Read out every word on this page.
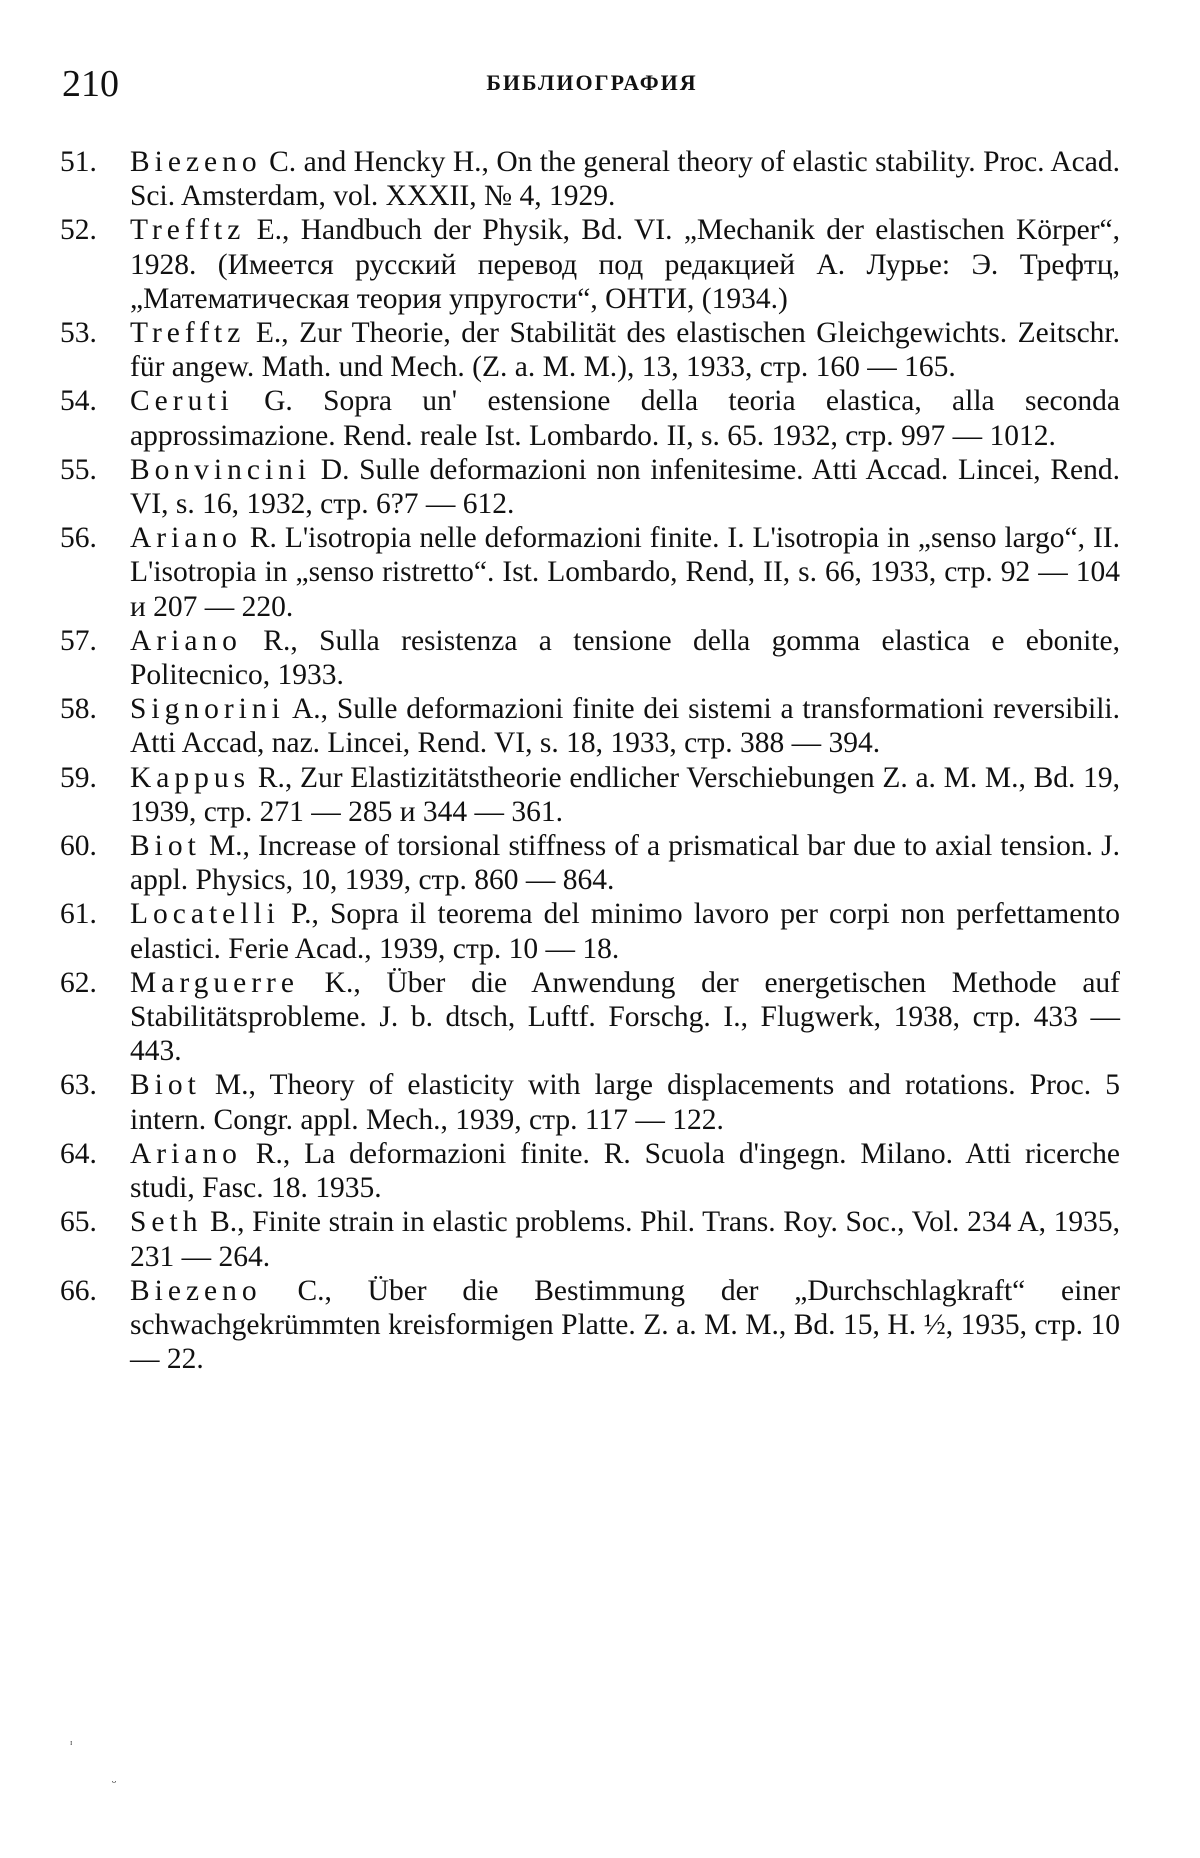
210	БИБЛИОГРАФИЯ

51.	Biezeno C. and Hencky H., On the general theory of elastic stability. Proc. Acad. Sci. Amsterdam, vol. XXXII, № 4, 1929.

52.	Trefftz E., Handbuch der Physik, Bd. VI. „Mechanik der elastischen Körper“, 1928. (Имеется русский перевод под редакцией А. Лурье: Э. Трефтц, „Математическая теория упругости“, ОНТИ, (1934.)

53.	Trefftz E., Zur Theorie, der Stabilität des elastischen Gleichgewichts. Zeitschr. für angew. Math. und Mech. (Z. a. M. M.), 13, 1933, стр. 160 — 165.

54.	Ceruti G. Sopra un' estensione della teoria elastica, alla seconda approssimazione. Rend. reale Ist. Lombardo. II, s. 65. 1932, стр. 997 — 1012.

55.	Bonvincini D. Sulle deformazioni non infenitesime. Atti Accad. Lincei, Rend. VI, s. 16, 1932, стр. 6?7 — 612.

56.	Ariano R. L'isotropia nelle deformazioni finite. I. L'isotropia in „senso largo“, II. L'isotropia in „senso ristretto“. Ist. Lombardo, Rend, II, s. 66, 1933, стр. 92 — 104 и 207 — 220.

57.	Ariano R., Sulla resistenza a tensione della gomma elastica e ebonite, Politecnico, 1933.

58.	Signorini A., Sulle deformazioni finite dei sistemi a transformationi reversibili. Atti Accad, naz. Lincei, Rend. VI, s. 18, 1933, стр. 388 — 394.

59.	Kappus R., Zur Elastizitätstheorie endlicher Verschiebungen Z. a. M. M., Bd. 19, 1939, стр. 271 — 285 и 344 — 361.

60.	Biot M., Increase of torsional stiffness of a prismatical bar due to axial tension. J. appl. Physics, 10, 1939, стр. 860 — 864.

61.	Locatelli P., Sopra il teorema del minimo lavoro per corpi non perfettamento elastici. Ferie Acad., 1939, стр. 10 — 18.

62.	Marguerre K., Über die Anwendung der energetischen Methode auf Stabilitätsprobleme. J. b. dtsch, Luftf. Forschg. I., Flugwerk, 1938, стр. 433 — 443.

63.	Biot M., Theory of elasticity with large displacements and rotations. Proc. 5 intern. Congr. appl. Mech., 1939, стр. 117 — 122.

64.	Ariano R., La deformazioni finite. R. Scuola d'ingegn. Milano. Atti ricerche studi, Fasc. 18. 1935.

65.	Seth B., Finite strain in elastic problems. Phil. Trans. Roy. Soc., Vol. 234 A, 1935, 231 — 264.

66.	Biezeno C., Über die Bestimmung der „Durchschlagkraft“ einer schwachgekrümmten kreisformigen Platte. Z. a. M. M., Bd. 15, H. ½, 1935, стр. 10 — 22.

ᶦ
ᵕ
